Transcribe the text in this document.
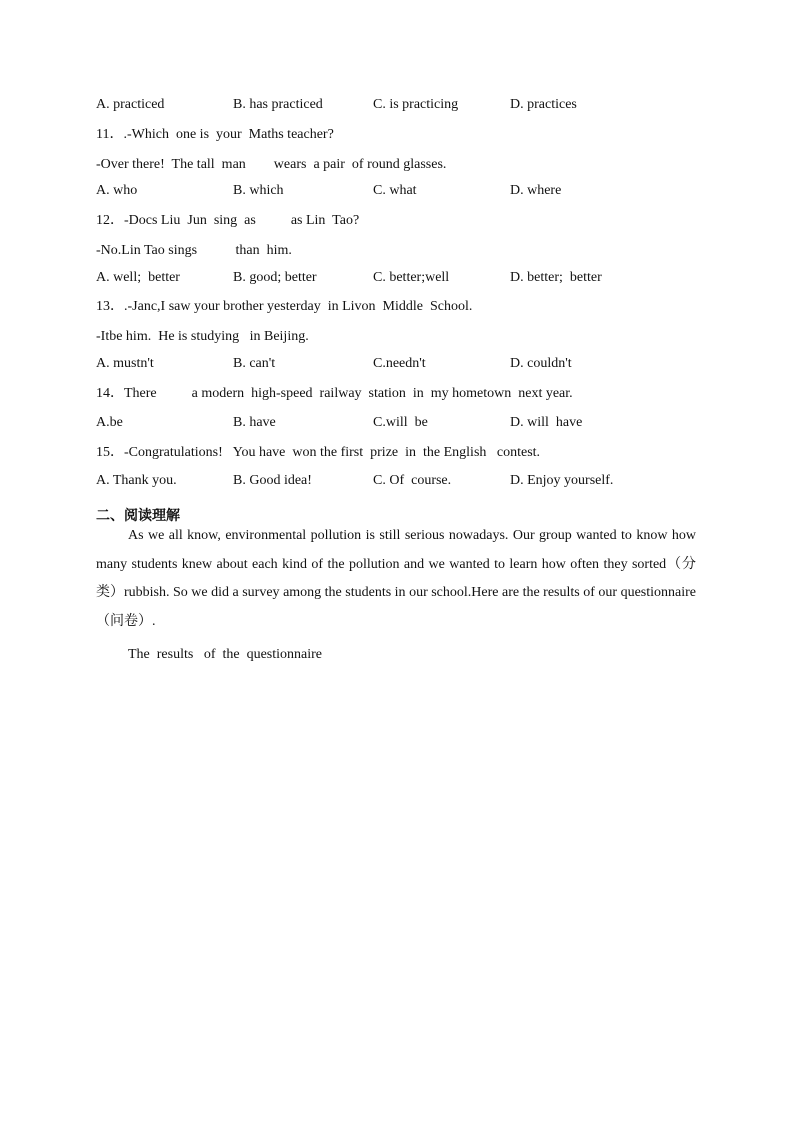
A. practiced	B. has practiced	C. is practicing	D. practices
11．.-Which  one is  your  Maths teacher?
-Over there!  The tall  man        wears  a pair  of round glasses.
A. who	B. which	C. what	D. where
12．-Docs Liu  Jun  sing  as          as Lin  Tao?
-No.Lin Tao sings           than  him.
A. well;  better	B. good; better	C. better;well	D. better;  better
13．.-Janc,I saw your brother yesterday  in Livon  Middle  School.
-Itbe him.  He is studying   in Beijing.
A. mustn't	B. can't	C.needn't	D. couldn't
14．There          a modern  high-speed  railway  station  in  my hometown  next year.
A.be	B. have	C.will  be	D. will  have
15．-Congratulations!   You have  won the first  prize  in  the English   contest.
A. Thank you.	B. Good idea!	C. Of  course.	D. Enjoy yourself.
二、阅读理解
As we all know, environmental pollution is still serious nowadays. Our group wanted to know how many students knew about each kind of the pollution and we wanted to learn how often they sorted（分类）rubbish. So we did a survey among the students in our school.Here are the results of our questionnaire （问卷）.
The  results   of  the  questionnaire
